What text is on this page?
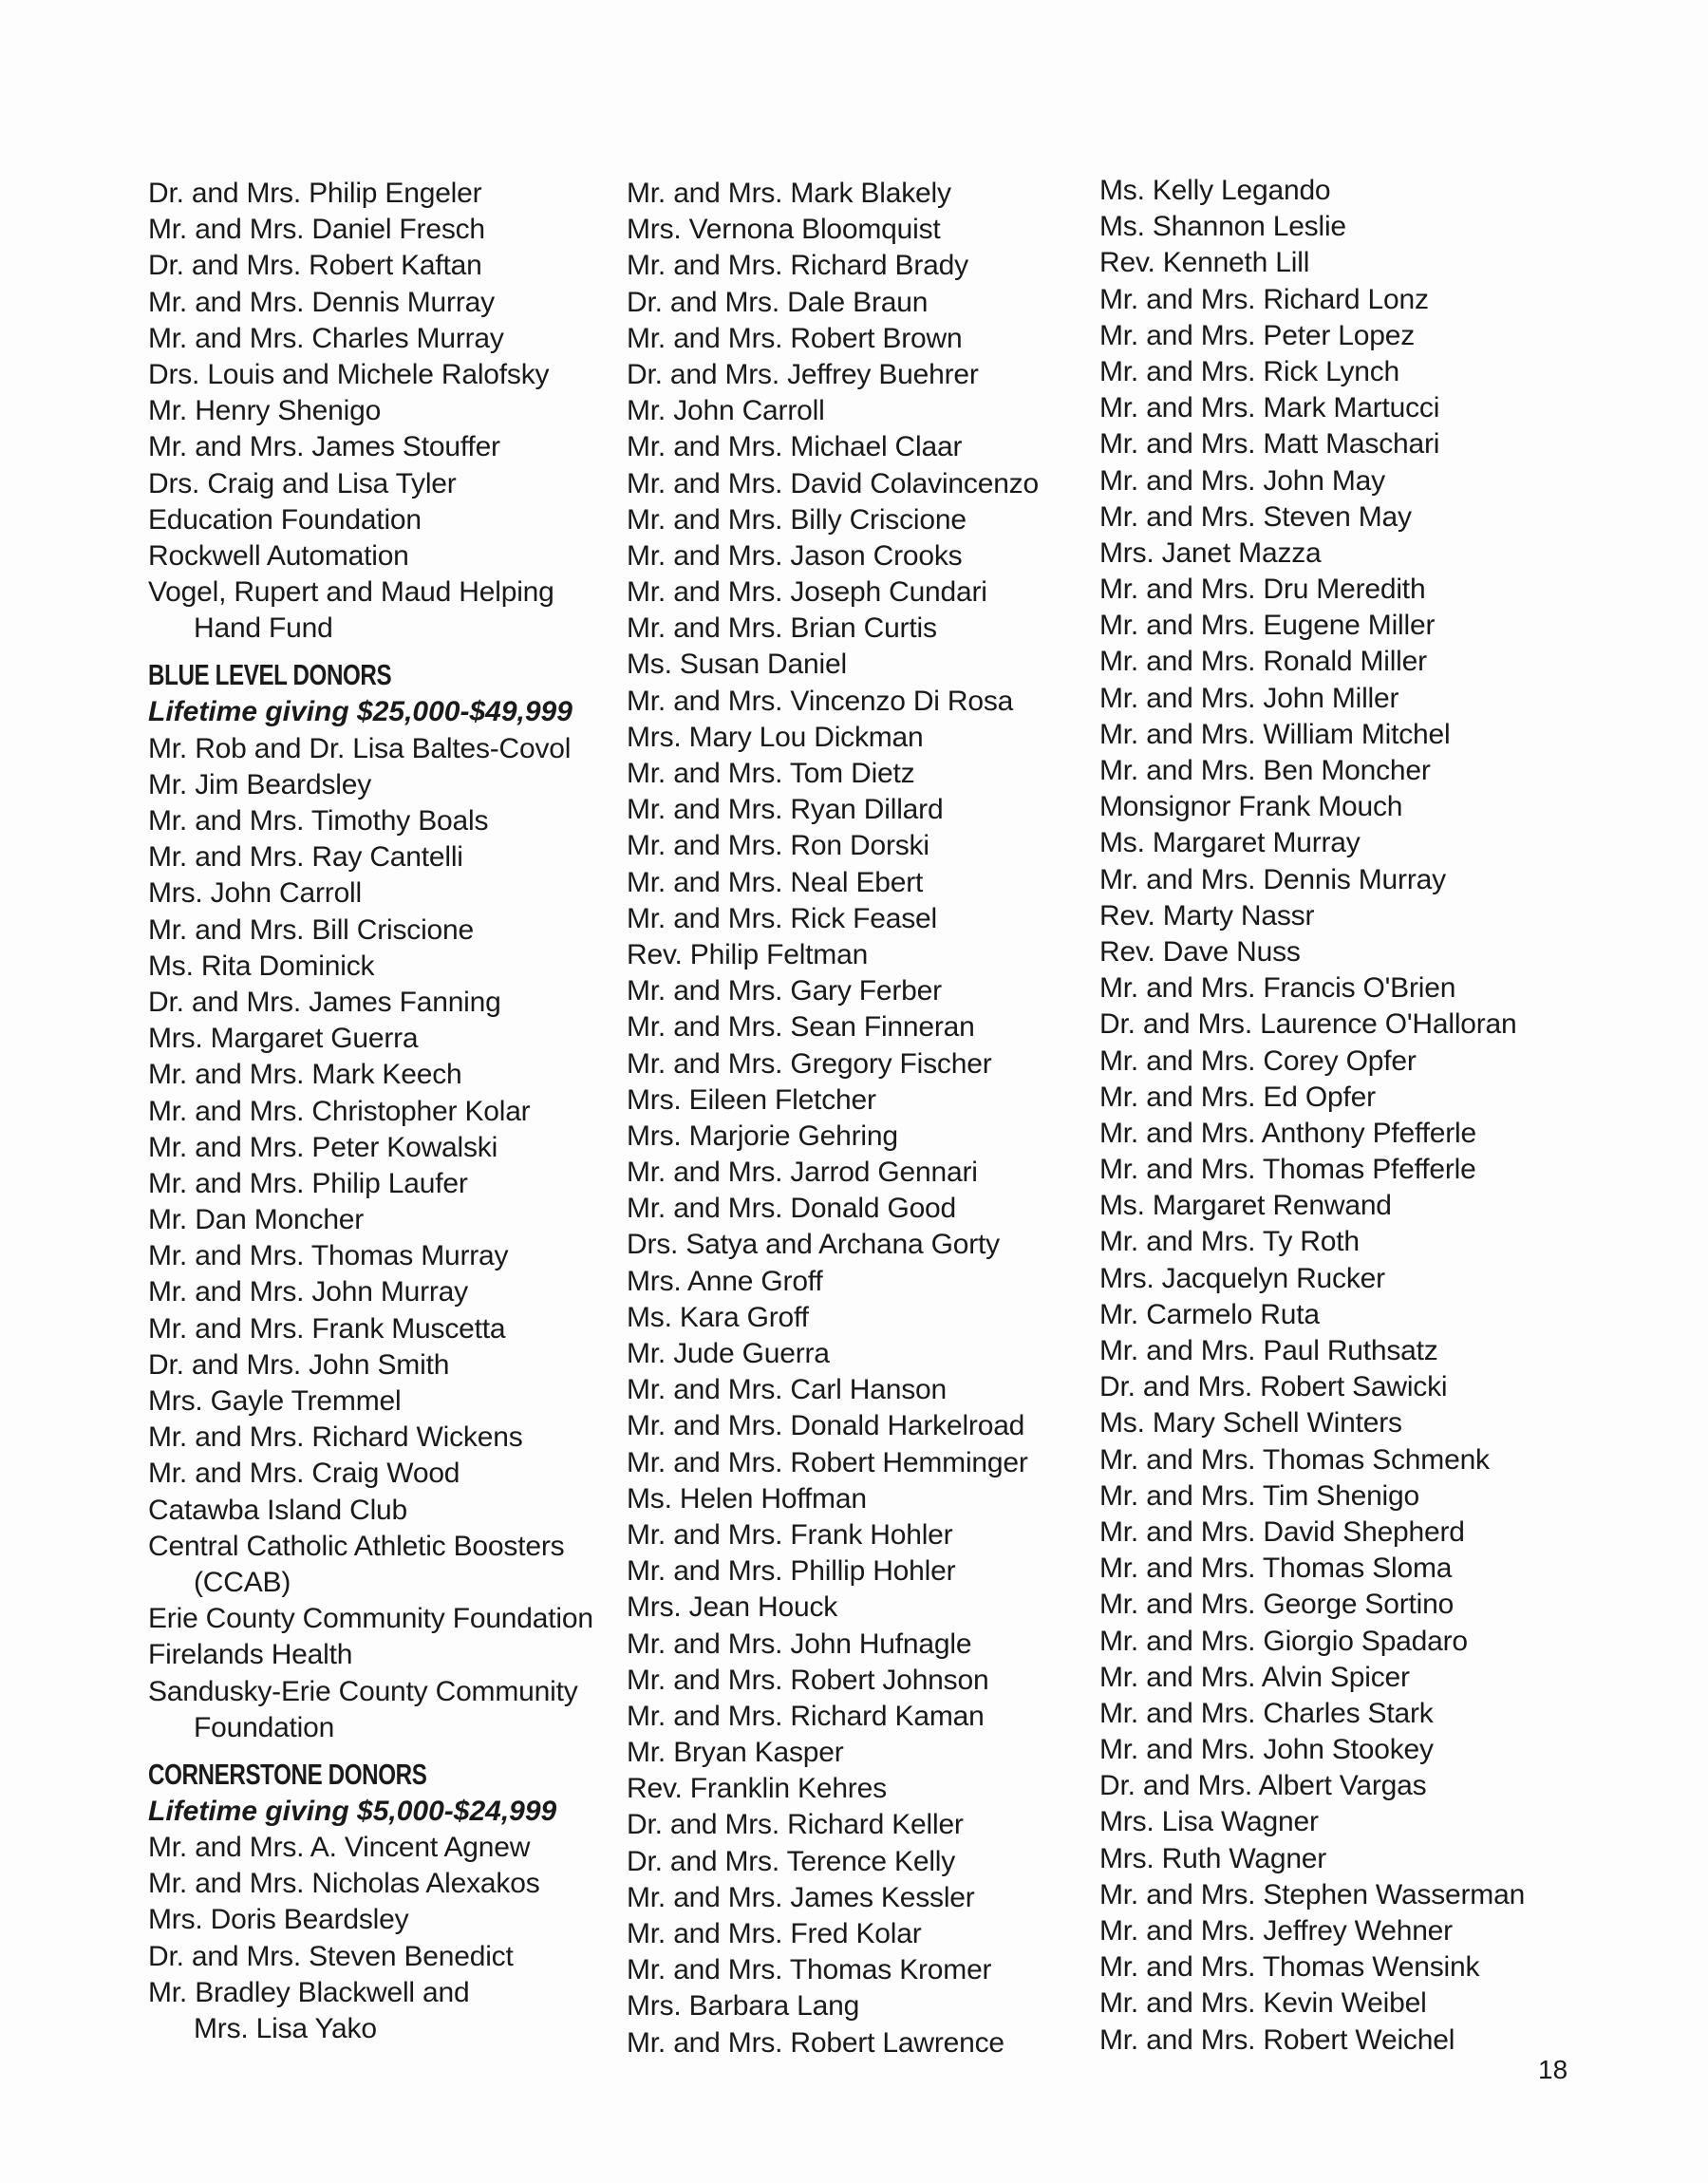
Dr. and Mrs. Philip Engeler
Mr. and Mrs. Daniel Fresch
Dr. and Mrs. Robert Kaftan
Mr. and Mrs. Dennis Murray
Mr. and Mrs. Charles Murray
Drs. Louis and Michele Ralofsky
Mr. Henry Shenigo
Mr. and Mrs. James Stouffer
Drs. Craig and Lisa Tyler
Education Foundation
Rockwell Automation
Vogel, Rupert and Maud Helping
Hand Fund
BLUE LEVEL DONORS
Lifetime giving $25,000-$49,999
Mr. Rob and Dr. Lisa Baltes-Covol
Mr. Jim Beardsley
Mr. and Mrs. Timothy Boals
Mr. and Mrs. Ray Cantelli
Mrs. John Carroll
Mr. and Mrs. Bill Criscione
Ms. Rita Dominick
Dr. and Mrs. James Fanning
Mrs. Margaret Guerra
Mr. and Mrs. Mark Keech
Mr. and Mrs. Christopher Kolar
Mr. and Mrs. Peter Kowalski
Mr. and Mrs. Philip Laufer
Mr. Dan Moncher
Mr. and Mrs. Thomas Murray
Mr. and Mrs. John Murray
Mr. and Mrs. Frank Muscetta
Dr. and Mrs. John Smith
Mrs. Gayle Tremmel
Mr. and Mrs. Richard Wickens
Mr. and Mrs. Craig Wood
Catawba Island Club
Central Catholic Athletic Boosters
(CCAB)
Erie County Community Foundation
Firelands Health
Sandusky-Erie County Community
Foundation
CORNERSTONE DONORS
Lifetime giving $5,000-$24,999
Mr. and Mrs. A. Vincent Agnew
Mr. and Mrs. Nicholas Alexakos
Mrs. Doris Beardsley
Dr. and Mrs. Steven Benedict
Mr. Bradley Blackwell and
Mrs. Lisa Yako
Mr. and Mrs. Mark Blakely
Mrs. Vernona Bloomquist
Mr. and Mrs. Richard Brady
Dr. and Mrs. Dale Braun
Mr. and Mrs. Robert Brown
Dr. and Mrs. Jeffrey Buehrer
Mr. John Carroll
Mr. and Mrs. Michael Claar
Mr. and Mrs. David Colavincenzo
Mr. and Mrs. Billy Criscione
Mr. and Mrs. Jason Crooks
Mr. and Mrs. Joseph Cundari
Mr. and Mrs. Brian Curtis
Ms. Susan Daniel
Mr. and Mrs. Vincenzo Di Rosa
Mrs. Mary Lou Dickman
Mr. and Mrs. Tom Dietz
Mr. and Mrs. Ryan Dillard
Mr. and Mrs. Ron Dorski
Mr. and Mrs. Neal Ebert
Mr. and Mrs. Rick Feasel
Rev. Philip Feltman
Mr. and Mrs. Gary Ferber
Mr. and Mrs. Sean Finneran
Mr. and Mrs. Gregory Fischer
Mrs. Eileen Fletcher
Mrs. Marjorie Gehring
Mr. and Mrs. Jarrod Gennari
Mr. and Mrs. Donald Good
Drs. Satya and Archana Gorty
Mrs. Anne Groff
Ms. Kara Groff
Mr. Jude Guerra
Mr. and Mrs. Carl Hanson
Mr. and Mrs. Donald Harkelroad
Mr. and Mrs. Robert Hemminger
Ms. Helen Hoffman
Mr. and Mrs. Frank Hohler
Mr. and Mrs. Phillip Hohler
Mrs. Jean Houck
Mr. and Mrs. John Hufnagle
Mr. and Mrs. Robert Johnson
Mr. and Mrs. Richard Kaman
Mr. Bryan Kasper
Rev. Franklin Kehres
Dr. and Mrs. Richard Keller
Dr. and Mrs. Terence Kelly
Mr. and Mrs. James Kessler
Mr. and Mrs. Fred Kolar
Mr. and Mrs. Thomas Kromer
Mrs. Barbara Lang
Mr. and Mrs. Robert Lawrence
Ms. Kelly Legando
Ms. Shannon Leslie
Rev. Kenneth Lill
Mr. and Mrs. Richard Lonz
Mr. and Mrs. Peter Lopez
Mr. and Mrs. Rick Lynch
Mr. and Mrs. Mark Martucci
Mr. and Mrs. Matt Maschari
Mr. and Mrs. John May
Mr. and Mrs. Steven May
Mrs. Janet Mazza
Mr. and Mrs. Dru Meredith
Mr. and Mrs. Eugene Miller
Mr. and Mrs. Ronald Miller
Mr. and Mrs. John Miller
Mr. and Mrs. William Mitchel
Mr. and Mrs. Ben Moncher
Monsignor Frank Mouch
Ms. Margaret Murray
Mr. and Mrs. Dennis Murray
Rev. Marty Nassr
Rev. Dave Nuss
Mr. and Mrs. Francis O'Brien
Dr. and Mrs. Laurence O'Halloran
Mr. and Mrs. Corey Opfer
Mr. and Mrs. Ed Opfer
Mr. and Mrs. Anthony Pfefferle
Mr. and Mrs. Thomas Pfefferle
Ms. Margaret Renwand
Mr. and Mrs. Ty Roth
Mrs. Jacquelyn Rucker
Mr. Carmelo Ruta
Mr. and Mrs. Paul Ruthsatz
Dr. and Mrs. Robert Sawicki
Ms. Mary Schell Winters
Mr. and Mrs. Thomas Schmenk
Mr. and Mrs. Tim Shenigo
Mr. and Mrs. David Shepherd
Mr. and Mrs. Thomas Sloma
Mr. and Mrs. George Sortino
Mr. and Mrs. Giorgio Spadaro
Mr. and Mrs. Alvin Spicer
Mr. and Mrs. Charles Stark
Mr. and Mrs. John Stookey
Dr. and Mrs. Albert Vargas
Mrs. Lisa Wagner
Mrs. Ruth Wagner
Mr. and Mrs. Stephen Wasserman
Mr. and Mrs. Jeffrey Wehner
Mr. and Mrs. Thomas Wensink
Mr. and Mrs. Kevin Weibel
Mr. and Mrs. Robert Weichel
18
